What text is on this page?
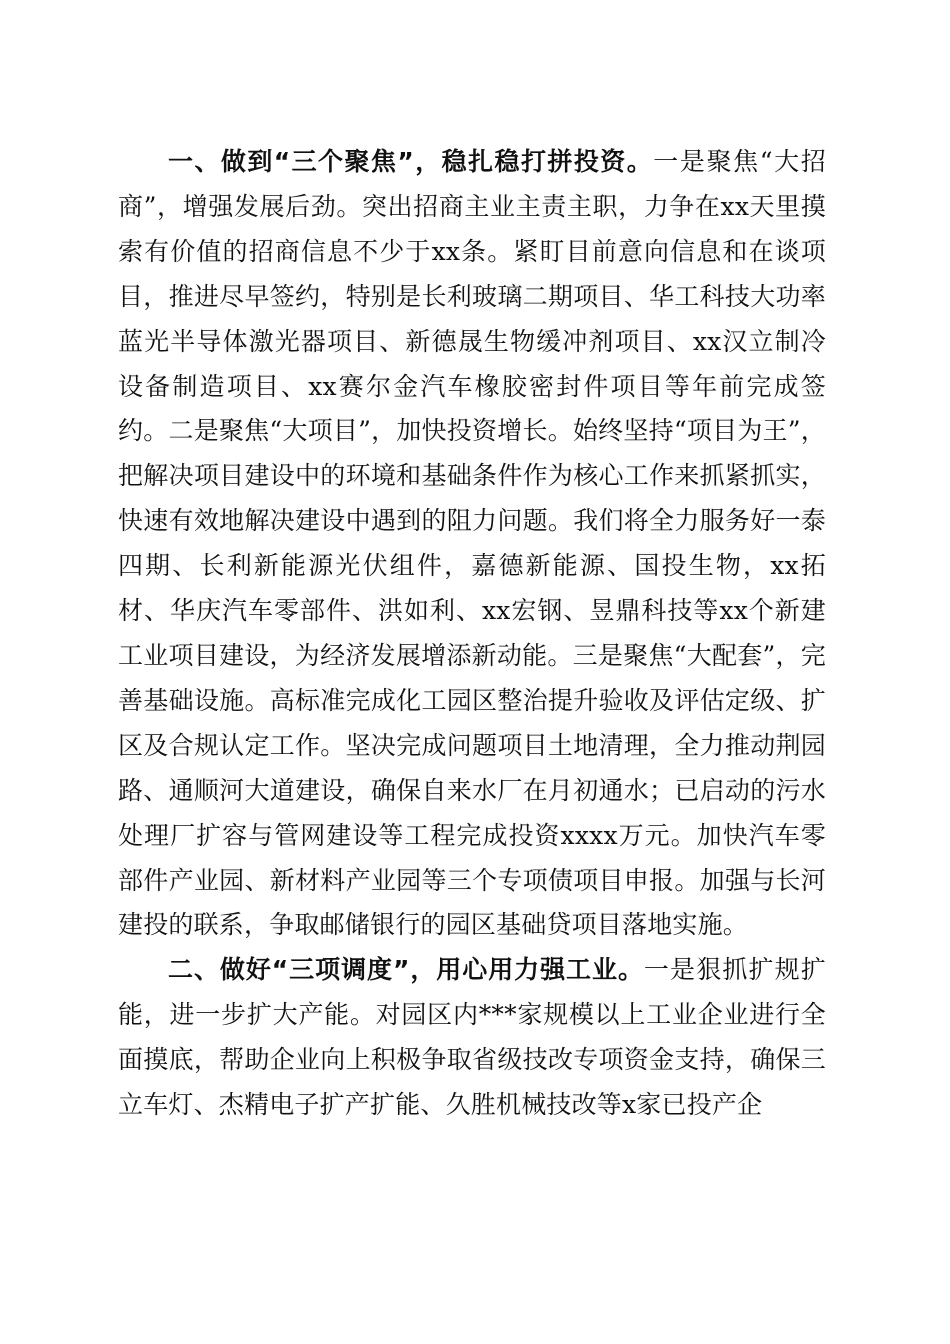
一、做到“三个聚焦”，稳扎稳打拼投资。一是聚焦“大招商”，增强发展后劲。突出招商主业主责主职，力争在xx天里摸索有价值的招商信息不少于xx条。紧盯目前意向信息和在谈项目，推进尽早签约，特别是长利玻璃二期项目、华工科技大功率蓝光半导体激光器项目、新德晟生物缓冲剂项目、xx汉立制冷设备制造项目、xx赛尔金汽车橡胶密封件项目等年前完成签约。二是聚焦“大项目”，加快投资增长。始终坚持“项目为王”，把解决项目建设中的环境和基础条件作为核心工作来抓紧抓实，快速有效地解决建设中遇到的阻力问题。我们将全力服务好一泰四期、长利新能源光伏组件，嘉德新能源、国投生物，xx拓材、华庆汽车零部件、洪如利、xx宏钢、昱鼎科技等xx个新建工业项目建设，为经济发展增添新动能。三是聚焦“大配套”，完善基础设施。高标准完成化工园区整治提升验收及评估定级、扩区及合规认定工作。坚决完成问题项目土地清理，全力推动荆园路、通顺河大道建设，确保自来水厂在月初通水；已启动的污水处理厂扩容与管网建设等工程完成投资xxxx万元。加快汽车零部件产业园、新材料产业园等三个专项债项目申报。加强与长河建投的联系，争取邮储银行的园区基础贷项目落地实施。

二、做好“三项调度”，用心用力强工业。一是狠抓扩规扩能，进一步扩大产能。对园区内***家规模以上工业企业进行全面摸底，帮助企业向上积极争取省级技改专项资金支持，确保三立车灯、杰精电子扩产扩能、久胜机械技改等x家已投产企
